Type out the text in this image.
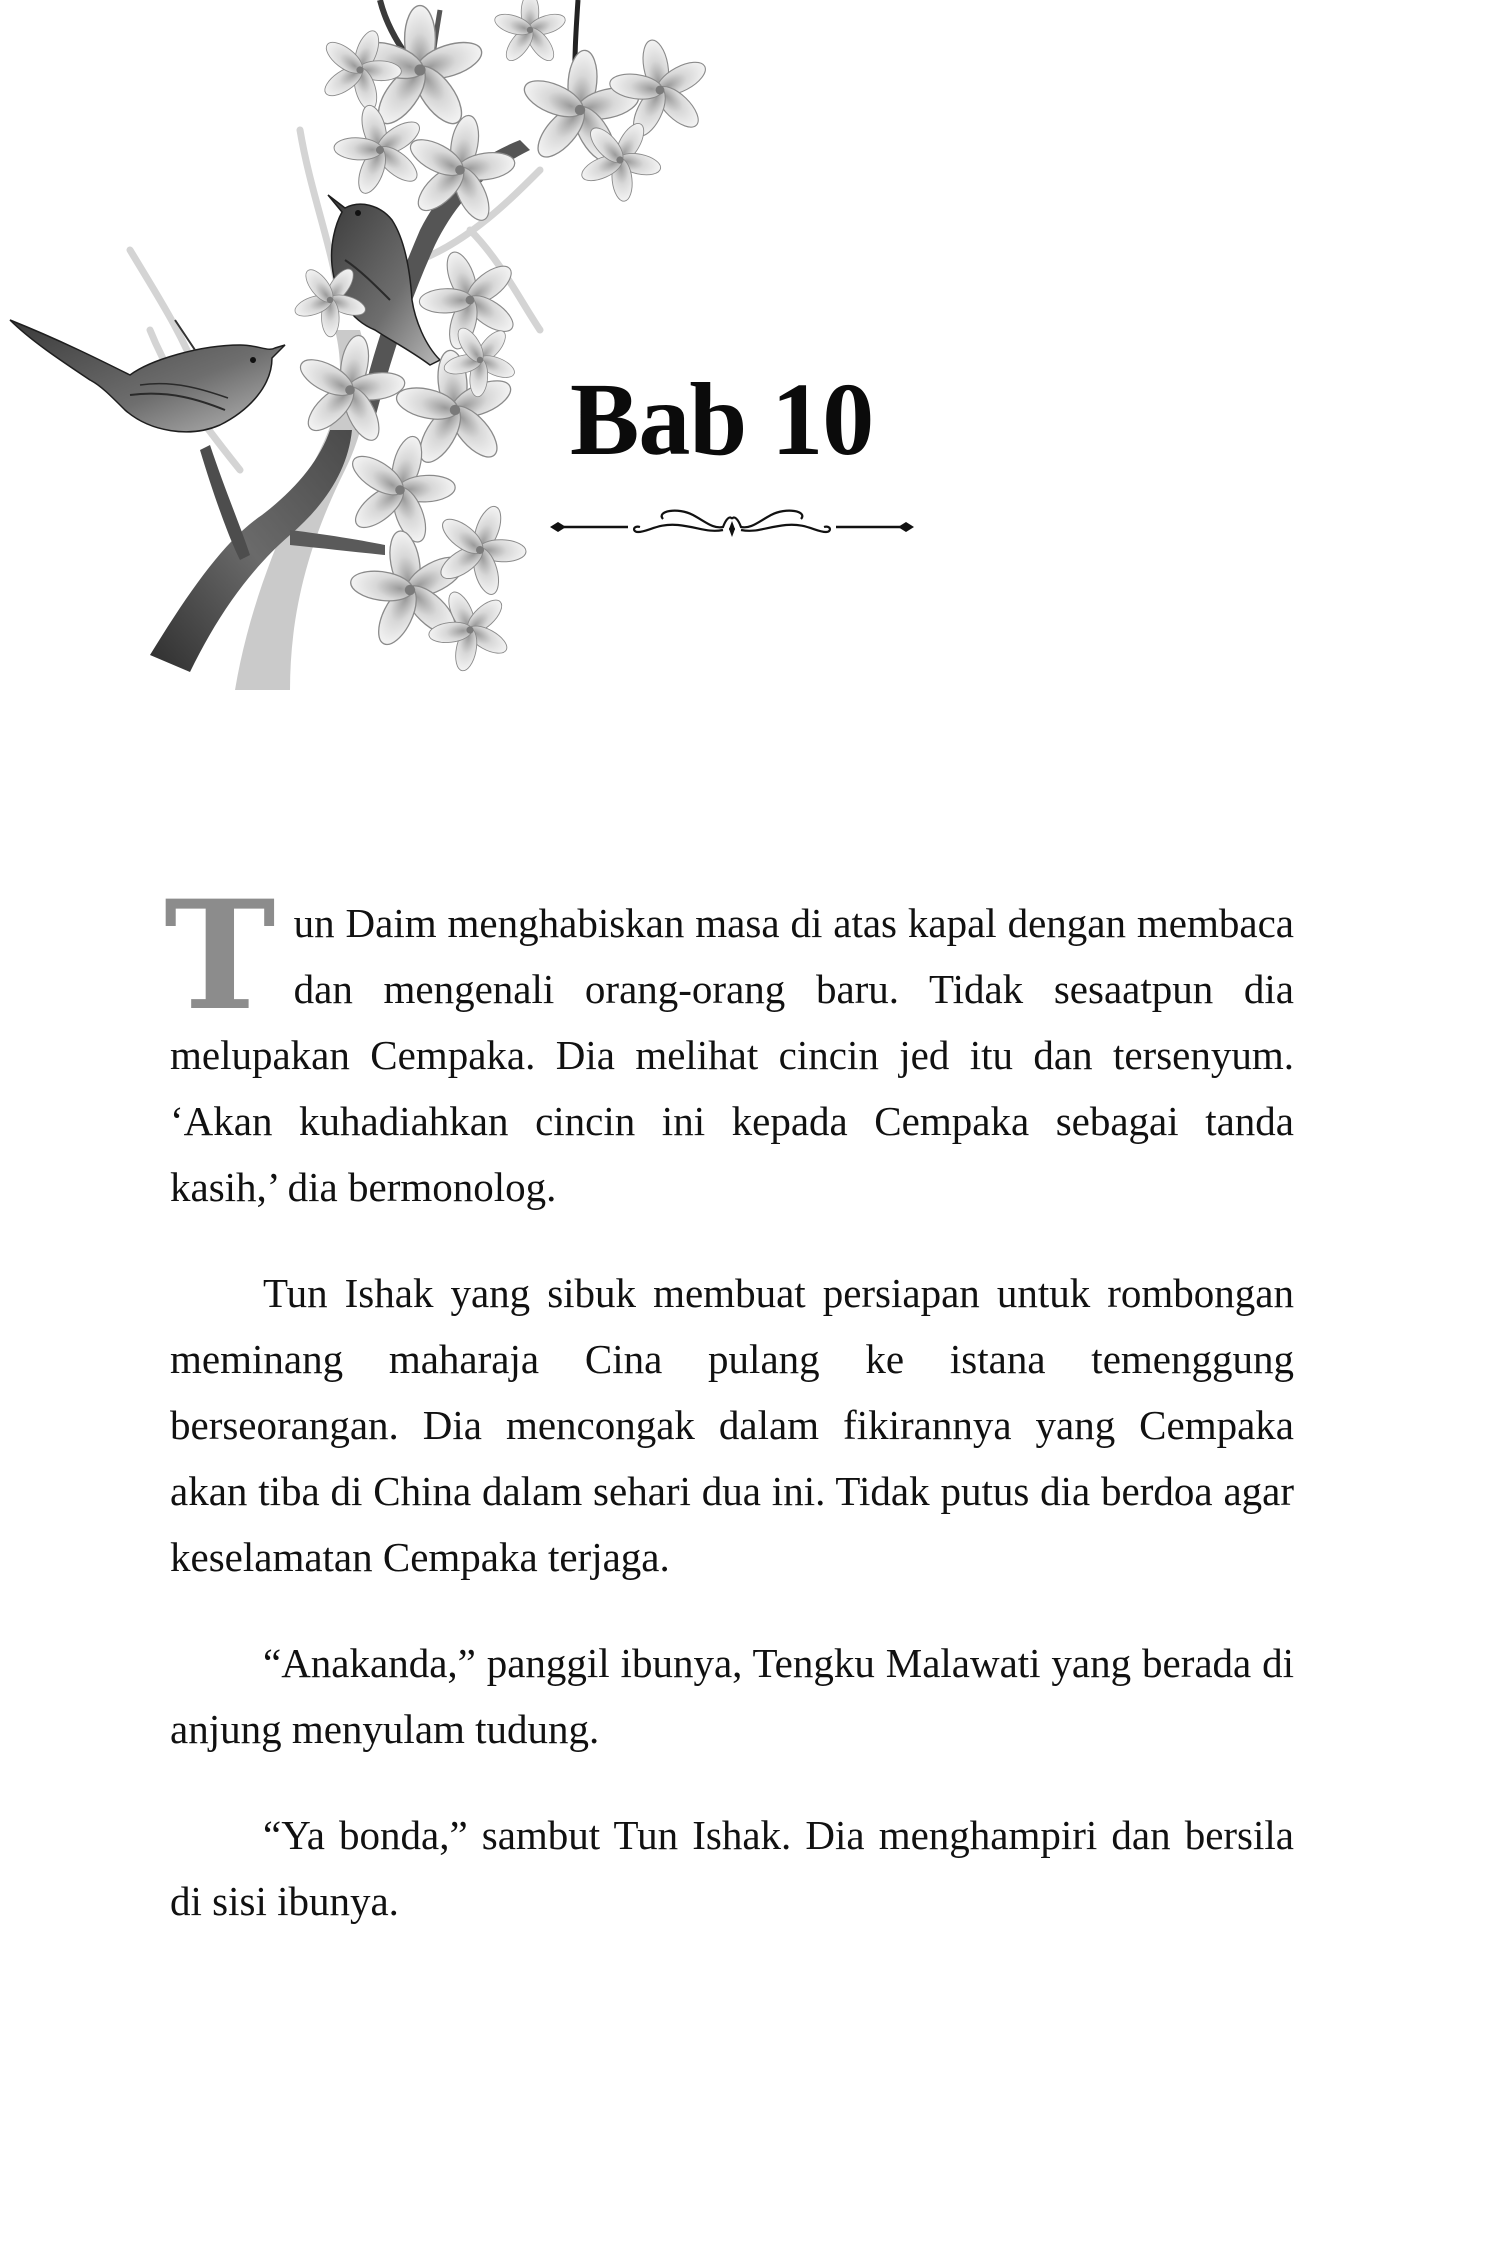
Bab 10

Tun Daim menghabiskan masa di atas kapal dengan membaca dan mengenali orang-orang baru. Tidak sesaatpun dia melupakan Cempaka. Dia melihat cincin jed itu dan tersenyum. ‘Akan kuhadiahkan cincin ini kepada Cempaka sebagai tanda kasih,’ dia bermonolog.

Tun Ishak yang sibuk membuat persiapan untuk rombongan meminang maharaja Cina pulang ke istana temenggung berseorangan. Dia mencongak dalam fikirannya yang Cempaka akan tiba di China dalam sehari dua ini. Tidak putus dia berdoa agar keselamatan Cempaka terjaga.

“Anakanda,” panggil ibunya, Tengku Malawati yang berada di anjung menyulam tudung.

“Ya bonda,” sambut Tun Ishak. Dia menghampiri dan bersila di sisi ibunya.
